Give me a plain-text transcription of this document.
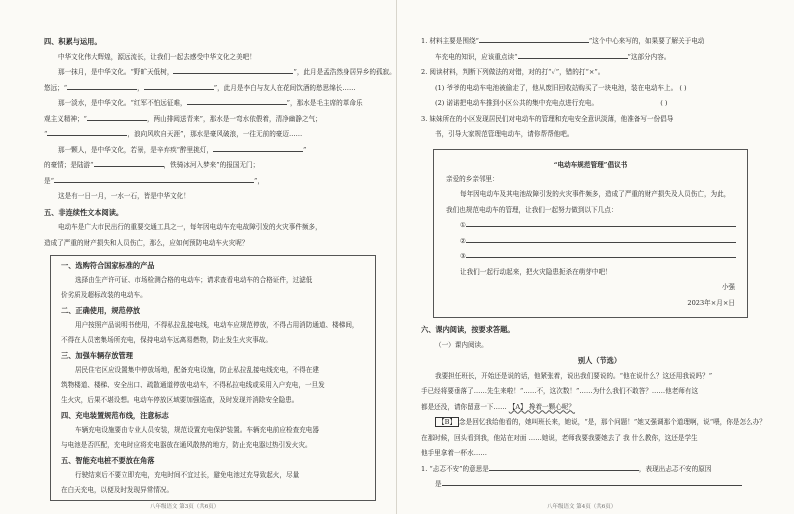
四、积累与运用。
中华文化伟大辉煌，源远流长，让我们一起去感受中华文化之美吧！
那一抹月，是中华文化。“野旷天低树，	”，此月是孟浩然身居异乡的孤寂。
悠远；“	，	”，此月是李白与友人在花间饮酒的愁思绵长……
那一淡水，是中华文化。“红军不怕远征难，	”，那水是毛主席的革命乐
观主义精神；“	，两山排闼送青来”，那水是一弯水依偎着，清净幽静之气；
“	，浪向风吹自天涯”，那水是豪风破浪，一往无前的豪迈……
那一颗人，是中华文化，若景，是辛弃疾“醉里挑灯，	”
的豪情；是陆游“	，铁骑冰河入梦来”的报国无门；
是“	”，
这是有一日一月，一水一石，皆是中华文化！
五、非连续性文本阅读。
电动车是广大市民出行的重要交通工具之一，每年因电动车充电故障引发的火灾事件频多，
造成了严重的财产损失和人员伤亡，那么，应如何预防电动车火灾呢？
一、选购符合国家标准的产品
选择由生产许可证、市场检测合格的电动车；请求查看电动车的合格证件，过滤低
价劣质及超标改装的电动车。
二、正确使用，规范停放
用户按照产品说明书使用，不得私拉乱接电线，电动车应规范停放，不得占用消防通道、楼梯间，
不得在人员密集场所充电，保持电动车远离易燃物，防止发生火灾事故。
三、加强车辆存放管理
居民住宅区应设置集中停放场地，配备充电设施，防止私拉乱接电线充电，不得在建
筑物楼道、楼梯、安全出口、疏散通道停放电动车，不得私拉电线或采用入户充电，一旦发
生火灾，后果不堪设想。电动车停放区域要加强巡查，及时发现并消除安全隐患。
四、充电装置规范布线，注意标志
车辆充电设施要由专业人员安装，规范设置充电保护装置。车辆充电前应检查充电器
与电池是否匹配，充电时应将充电器放在通风散热的地方，防止充电器过热引发火灾。
五、智能充电桩不要放在角落
行驶结束后不要立即充电，充电时间不宜过长，避免电池过充导致起火，尽量
在白天充电，以便及时发现异常情况。
八年级语文 第3页（共6页）
1. 材料主要是围绕“	”这个中心来写的，如果要了解关于电动
车充电的知识，应该重点读“	”这部分内容。
2. 阅读材料，判断下列做法的对错，对的打“✓”，错的打“×”。
(1) 爷爷的电动车电池被偷走了，他从废旧回收站购买了一块电池，装在电动车上。 ( )
(2) 诺诺把电动车推到小区公共的集中充电点进行充电。	( )
3. 妹妹所在的小区发现居民们对电动车的管理和充电安全意识淡薄，他准备写一份倡导
书，引导大家规范管理电动车，请你帮帮他吧。
“电动车规范管理”倡议书
亲爱的乡亲邻里：
每年因电动车及其电池故障引发的火灾事件频多，造成了严重的财产损失及人员伤亡，为此，
我们也规范电动车的管理，让我们一起努力做到以下几点：
①
②
③
让我们一起行动起来，把火灾隐患扼杀在萌芽中吧！
小强
2023年×月×日
六、课内阅读，按要求答题。
（一）课内阅读。
别人（节选）
我要担任班长，开始还是说的话，他紧张着，说出我们要说的。“他在说什么？这还用我说吗？”
手已经将要垂落了……先生来啦！“……不，这次数！”……为什么我们不敢答？……他老师有这
都是还没，请你留意一下…… 【A】 搀着一颗心呢？
【B】 念是回忆我给他看的，她叫班长来，她说，“是，那个问题！”她又强调那个道理啊，说“喂，你是怎么办？
在那时候，回头看到我，他站在对面 ……她说，老师我要我要她去了 我 什么教你，这还是学生
他手里拿着一杯水……
1. “忐忑不安”的意思是	，表现出忐忑不安的原因
是
八年级语文 第4页（共6页）
